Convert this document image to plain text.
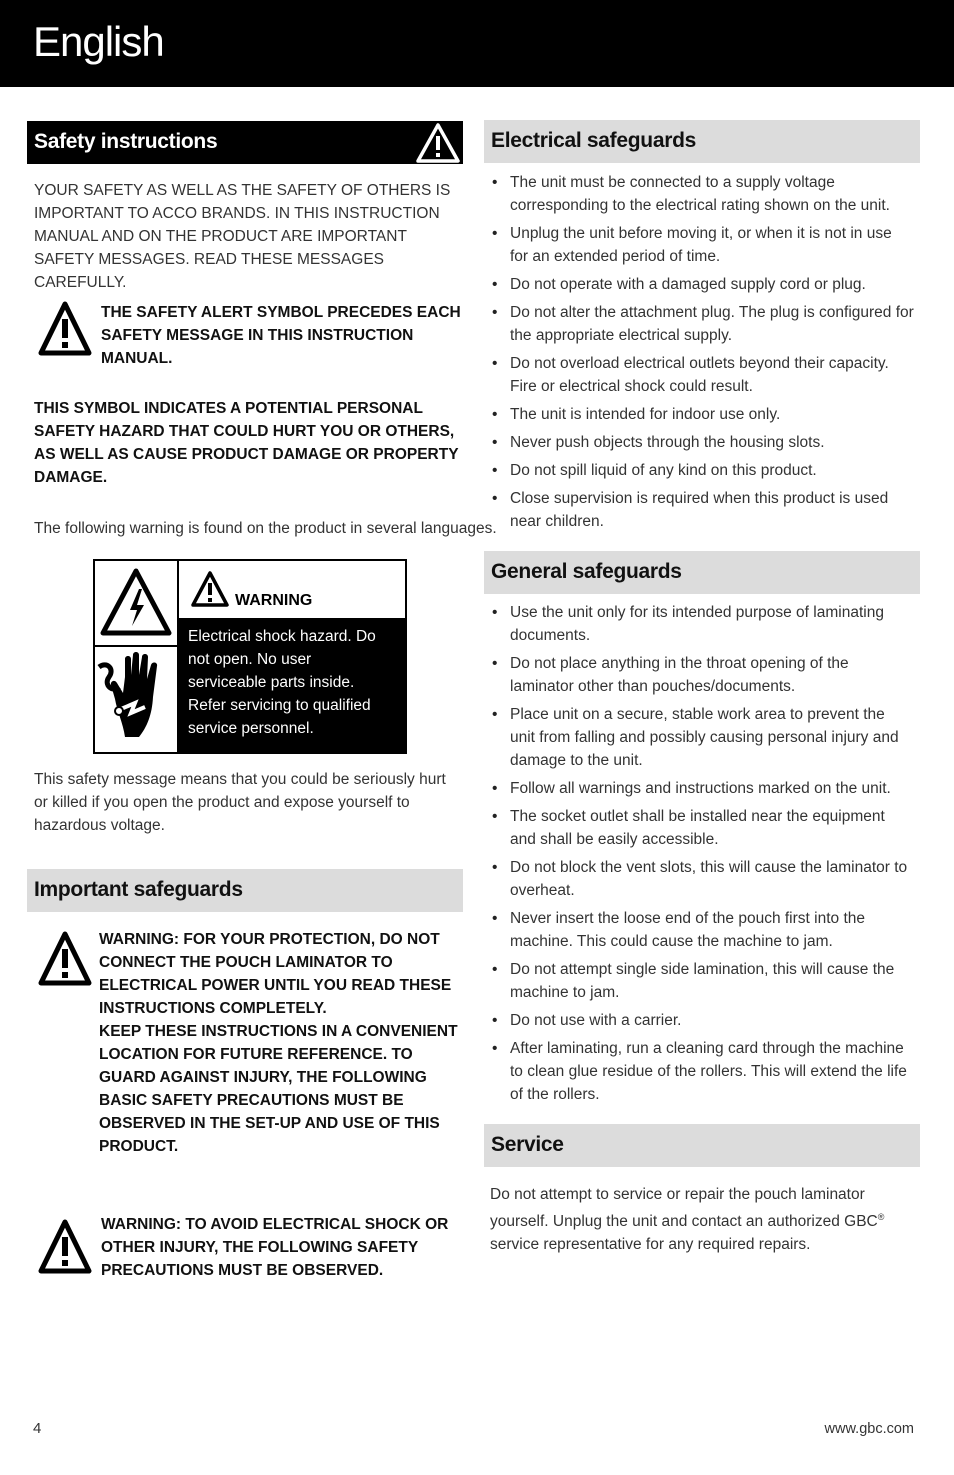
English
Safety instructions
YOUR SAFETY AS WELL AS THE SAFETY OF OTHERS IS IMPORTANT TO ACCO BRANDS. IN THIS INSTRUCTION MANUAL AND ON THE PRODUCT ARE IMPORTANT SAFETY MESSAGES. READ THESE MESSAGES CAREFULLY.
THE SAFETY ALERT SYMBOL PRECEDES EACH SAFETY MESSAGE IN THIS INSTRUCTION MANUAL.
THIS SYMBOL INDICATES A POTENTIAL PERSONAL SAFETY HAZARD THAT COULD HURT YOU OR OTHERS, AS WELL AS CAUSE PRODUCT DAMAGE OR PROPERTY DAMAGE.
The following warning is found on the product in several languages.
WARNING
Electrical shock hazard. Do not open. No user serviceable parts inside. Refer servicing to qualified service personnel.
This safety message means that you could be seriously hurt or killed if you open the product and expose yourself to hazardous voltage.
Important safeguards
WARNING: FOR YOUR PROTECTION, DO NOT CONNECT THE POUCH LAMINATOR TO ELECTRICAL POWER UNTIL YOU READ THESE INSTRUCTIONS COMPLETELY.
KEEP THESE INSTRUCTIONS IN A CONVENIENT LOCATION FOR FUTURE REFERENCE. TO GUARD AGAINST INJURY, THE FOLLOWING BASIC SAFETY PRECAUTIONS MUST BE OBSERVED IN THE SET-UP AND USE OF THIS PRODUCT.
WARNING: TO AVOID ELECTRICAL SHOCK OR OTHER INJURY, THE FOLLOWING SAFETY PRECAUTIONS MUST BE OBSERVED.
Electrical safeguards
• The unit must be connected to a supply voltage corresponding to the electrical rating shown on the unit.
• Unplug the unit before moving it, or when it is not in use for an extended period of time.
• Do not operate with a damaged supply cord or plug.
• Do not alter the attachment plug. The plug is configured for the appropriate electrical supply.
• Do not overload electrical outlets beyond their capacity. Fire or electrical shock could result.
• The unit is intended for indoor use only.
• Never push objects through the housing slots.
• Do not spill liquid of any kind on this product.
• Close supervision is required when this product is used near children.
General safeguards
• Use the unit only for its intended purpose of laminating documents.
• Do not place anything in the throat opening of the laminator other than pouches/documents.
• Place unit on a secure, stable work area to prevent the unit from falling and possibly causing personal injury and damage to the unit.
• Follow all warnings and instructions marked on the unit.
• The socket outlet shall be installed near the equipment and shall be easily accessible.
• Do not block the vent slots, this will cause the laminator to overheat.
• Never insert the loose end of the pouch first into the machine. This could cause the machine to jam.
• Do not attempt single side lamination, this will cause the machine to jam.
• Do not use with a carrier.
• After laminating, run a cleaning card through the machine to clean glue residue of the rollers. This will extend the life of the rollers.
Service
Do not attempt to service or repair the pouch laminator yourself. Unplug the unit and contact an authorized GBC® service representative for any required repairs.
4	www.gbc.com
